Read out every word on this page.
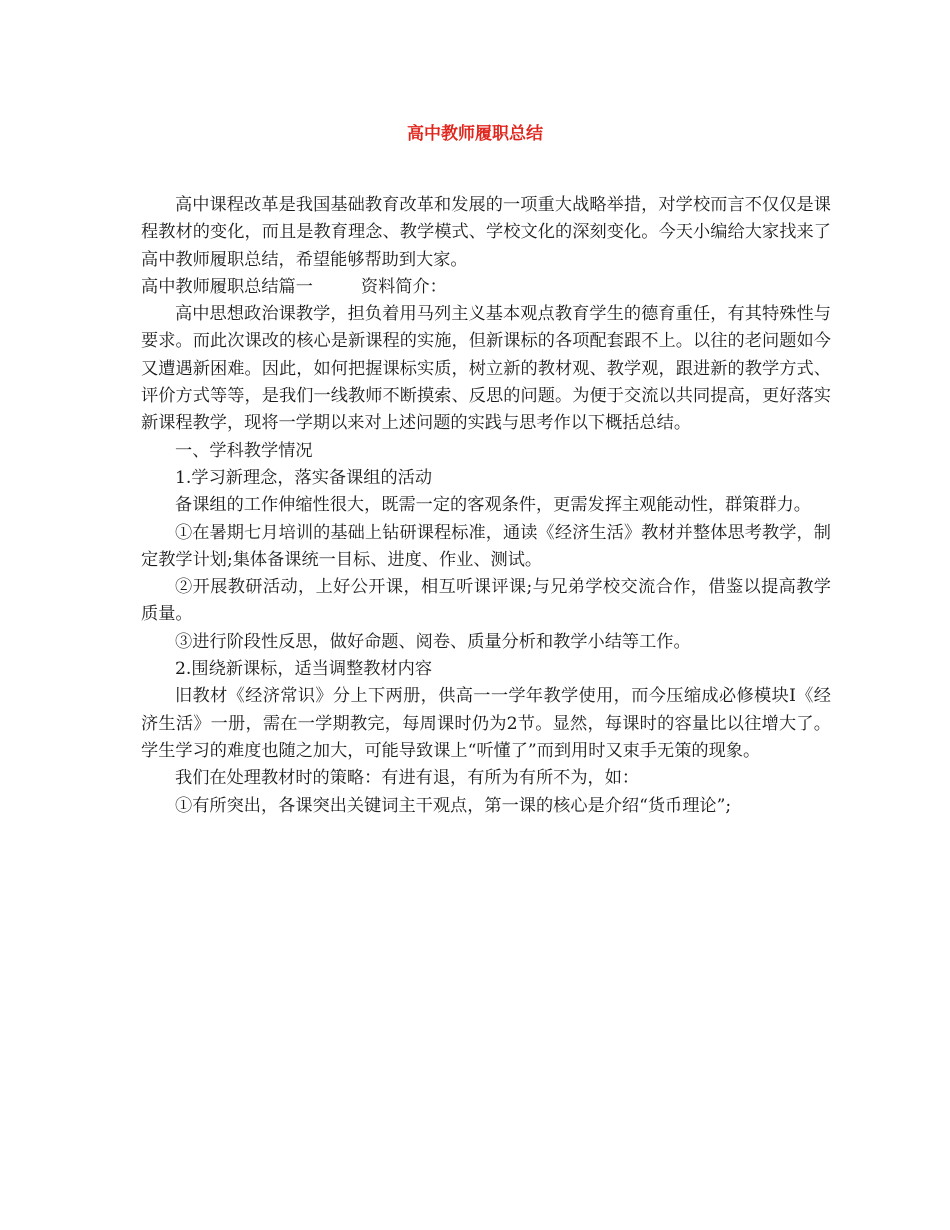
高中教师履职总结

高中课程改革是我国基础教育改革和发展的一项重大战略举措，对学校而言不仅仅是课程教材的变化，而且是教育理念、教学模式、学校文化的深刻变化。今天小编给大家找来了高中教师履职总结，希望能够帮助到大家。

高中教师履职总结篇一	资料简介：

高中思想政治课教学，担负着用马列主义基本观点教育学生的德育重任，有其特殊性与要求。而此次课改的核心是新课程的实施，但新课标的各项配套跟不上。以往的老问题如今又遭遇新困难。因此，如何把握课标实质，树立新的教材观、教学观，跟进新的教学方式、评价方式等等，是我们一线教师不断摸索、反思的问题。为便于交流以共同提高，更好落实新课程教学，现将一学期以来对上述问题的实践与思考作以下概括总结。

一、学科教学情况

1.学习新理念，落实备课组的活动

备课组的工作伸缩性很大，既需一定的客观条件，更需发挥主观能动性，群策群力。

①在暑期七月培训的基础上钻研课程标准，通读《经济生活》教材并整体思考教学，制定教学计划;集体备课统一目标、进度、作业、测试。

②开展教研活动，上好公开课，相互听课评课;与兄弟学校交流合作，借鉴以提高教学质量。

③进行阶段性反思，做好命题、阅卷、质量分析和教学小结等工作。

2.围绕新课标，适当调整教材内容

旧教材《经济常识》分上下两册，供高一一学年教学使用，而今压缩成必修模块Ⅰ《经济生活》一册，需在一学期教完，每周课时仍为2节。显然，每课时的容量比以往增大了。学生学习的难度也随之加大，可能导致课上“听懂了”而到用时又束手无策的现象。

我们在处理教材时的策略：有进有退，有所为有所不为，如：

①有所突出，各课突出关键词主干观点，第一课的核心是介绍“货币理论”;
